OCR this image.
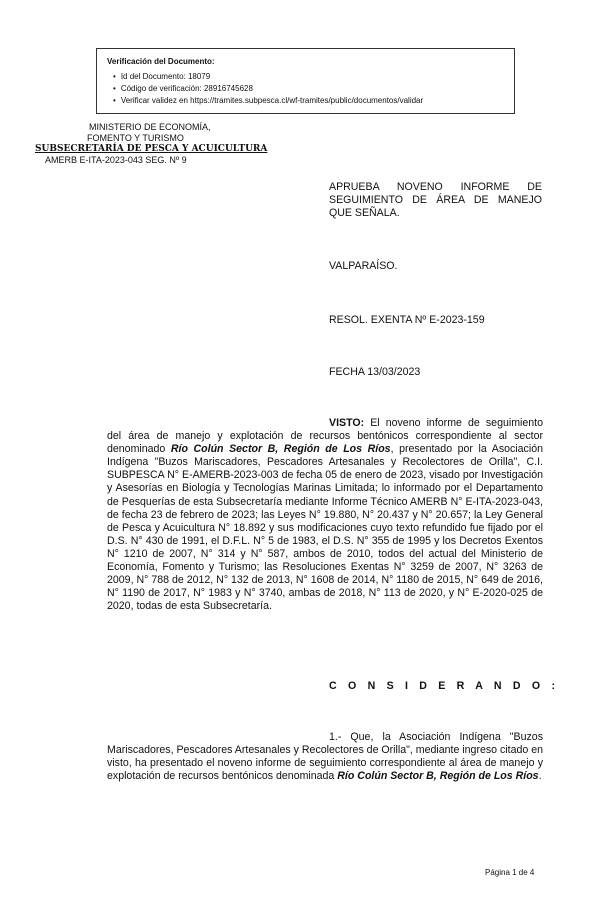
Verificación del Documento:
• Id del Documento: 18079
• Código de verificación: 28916745628
• Verificar validez en https://tramites.subpesca.cl/wf-tramites/public/documentos/validar
MINISTERIO DE ECONOMÍA,
FOMENTO Y TURISMO
SUBSECRETARÍA DE PESCA Y ACUICULTURA
AMERB E-ITA-2023-043 SEG. Nº 9
APRUEBA NOVENO INFORME DE
SEGUIMIENTO DE ÁREA DE MANEJO
QUE SEÑALA.
VALPARAÍSO.
RESOL. EXENTA Nº E-2023-159
FECHA 13/03/2023

VISTO: El noveno informe de seguimiento del área de manejo y explotación de recursos bentónicos correspondiente al sector denominado Río Colún Sector B, Región de Los Ríos, presentado por la Asociación Indígena "Buzos Mariscadores, Pescadores Artesanales y Recolectores de Orilla", C.I. SUBPESCA N° E-AMERB-2023-003 de fecha 05 de enero de 2023, visado por Investigación y Asesorías en Biología y Tecnologías Marinas Limitada; lo informado por el Departamento de Pesquerías de esta Subsecretaría mediante Informe Técnico AMERB N° E-ITA-2023-043, de fecha 23 de febrero de 2023; las Leyes N° 19.880, N° 20.437 y N° 20.657; la Ley General de Pesca y Acuicultura N° 18.892 y sus modificaciones cuyo texto refundido fue fijado por el D.S. N° 430 de 1991, el D.F.L. N° 5 de 1983, el D.S. N° 355 de 1995 y los Decretos Exentos N° 1210 de 2007, N° 314 y N° 587, ambos de 2010, todos del actual del Ministerio de Economía, Fomento y Turismo; las Resoluciones Exentas N° 3259 de 2007, N° 3263 de 2009, N° 788 de 2012, N° 132 de 2013, N° 1608 de 2014, N° 1180 de 2015, N° 649 de 2016, N° 1190 de 2017, N° 1983 y N° 3740, ambas de 2018, N° 113 de 2020, y N° E-2020-025 de 2020, todas de esta Subsecretaría.

C O N S I D E R A N D O :

1.- Que, la Asociación Indígena "Buzos Mariscadores, Pescadores Artesanales y Recolectores de Orilla", mediante ingreso citado en visto, ha presentado el noveno informe de seguimiento correspondiente al área de manejo y explotación de recursos bentónicos denominada Río Colún Sector B, Región de Los Ríos.

Página 1 de 4
